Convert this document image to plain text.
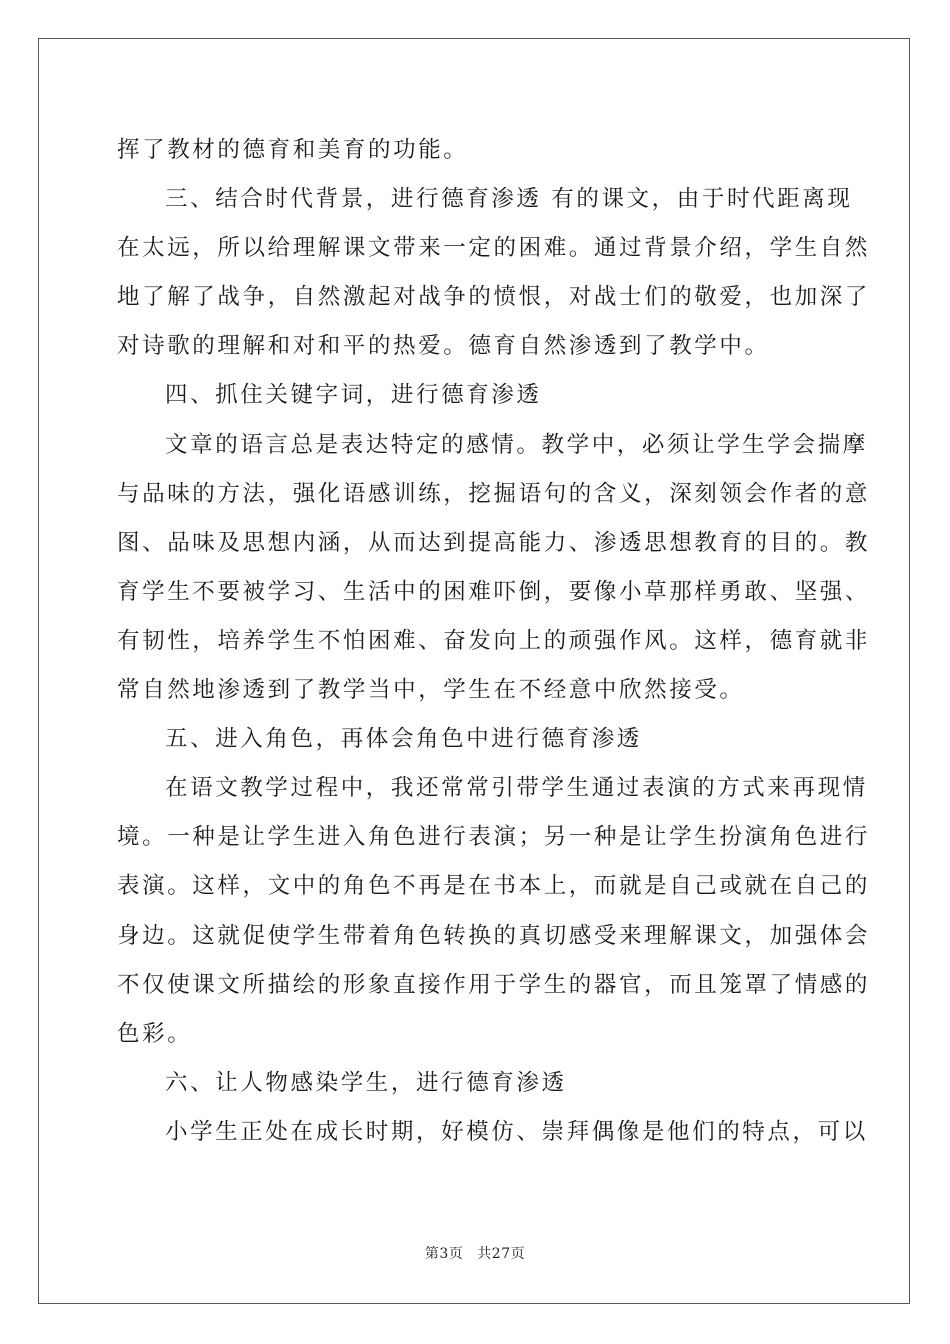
挥了教材的德育和美育的功能。
三、结合时代背景，进行德育渗透 有的课文，由于时代距离现
在太远，所以给理解课文带来一定的困难。通过背景介绍，学生自然
地了解了战争，自然激起对战争的愤恨，对战士们的敬爱，也加深了
对诗歌的理解和对和平的热爱。德育自然渗透到了教学中。
四、抓住关键字词，进行德育渗透
文章的语言总是表达特定的感情。教学中，必须让学生学会揣摩
与品味的方法，强化语感训练，挖掘语句的含义，深刻领会作者的意
图、品味及思想内涵，从而达到提高能力、渗透思想教育的目的。教
育学生不要被学习、生活中的困难吓倒，要像小草那样勇敢、坚强、
有韧性，培养学生不怕困难、奋发向上的顽强作风。这样，德育就非
常自然地渗透到了教学当中，学生在不经意中欣然接受。
五、进入角色，再体会角色中进行德育渗透
在语文教学过程中，我还常常引带学生通过表演的方式来再现情
境。一种是让学生进入角色进行表演；另一种是让学生扮演角色进行
表演。这样，文中的角色不再是在书本上，而就是自己或就在自己的
身边。这就促使学生带着角色转换的真切感受来理解课文，加强体会
不仅使课文所描绘的形象直接作用于学生的器官，而且笼罩了情感的
色彩。
六、让人物感染学生，进行德育渗透
小学生正处在成长时期，好模仿、崇拜偶像是他们的特点，可以
第3页 共27页
